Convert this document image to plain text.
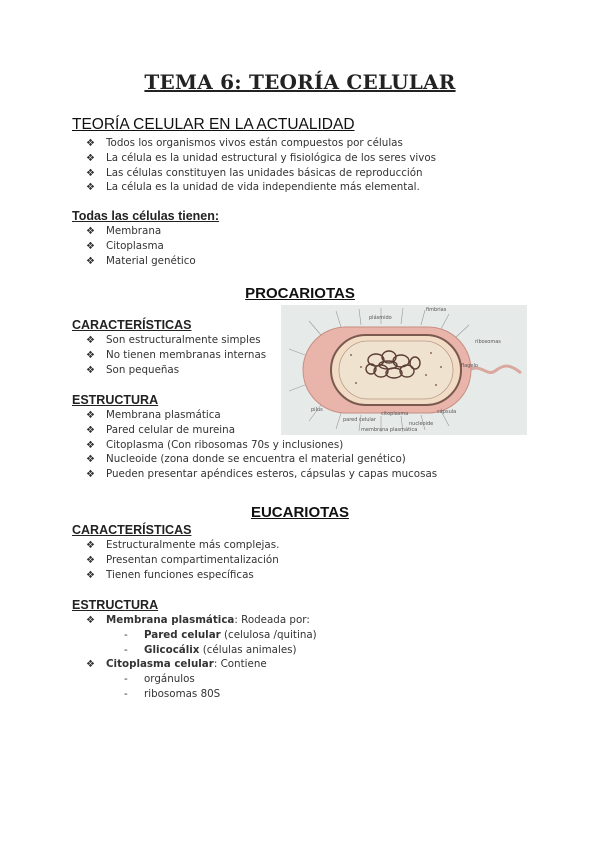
TEMA 6: TEORÍA CELULAR
TEORÍA CELULAR EN LA ACTUALIDAD
❖ Todos los organismos vivos están compuestos por células
❖ La célula es la unidad estructural y fisiológica de los seres vivos
❖ Las células constituyen las unidades básicas de reproducción
❖ La célula es la unidad de vida independiente más elemental.
Todas las células tienen:
❖ Membrana
❖ Citoplasma
❖ Material genético
PROCARIOTAS
CARACTERÍSTICAS
❖ Son estructuralmente simples
❖ No tienen membranas internas
❖ Son pequeñas
ESTRUCTURA
❖ Membrana plasmática
❖ Pared celular de mureina
❖ Citoplasma (Con ribosomas 70s y inclusiones)
❖ Nucleoide (zona donde se encuentra el material genético)
❖ Pueden presentar apéndices esteros, cápsulas y capas mucosas
fimbrias
plásmido
ribosomas
flagelo
pilus	cápsula
nucleoide
pared celular
membrana plasmática
citoplasma
EUCARIOTAS
CARACTERÍSTICAS
❖ Estructuralmente más complejas.
❖ Presentan compartimentalización
❖ Tienen funciones específicas
ESTRUCTURA
❖ Membrana plasmática: Rodeada por:
- Pared celular (celulosa /quitina)
- Glicocálix (células animales)
❖ Citoplasma celular: Contiene
- orgánulos
- ribosomas 80S
